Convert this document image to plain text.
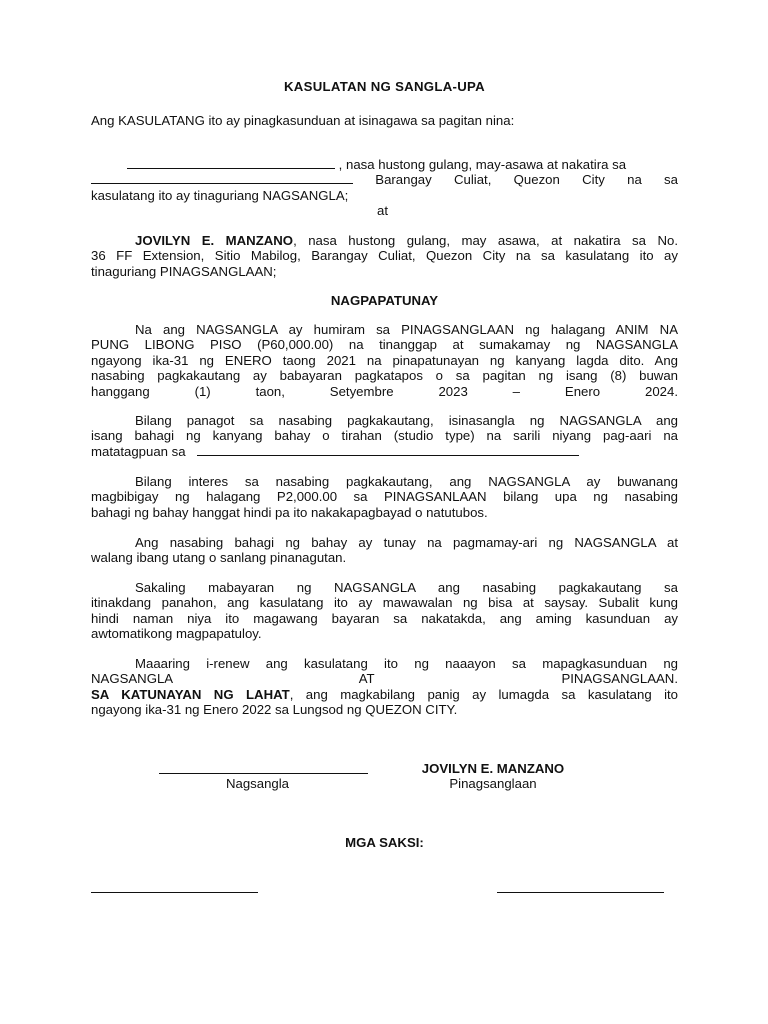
KASULATAN NG SANGLA-UPA
Ang KASULATANG ito ay pinagkasunduan at isinagawa sa pagitan nina:
, nasa hustong gulang, may-asawa at nakatira sa
Barangay Culiat, Quezon City na sa
kasulatang ito ay tinaguriang NAGSANGLA;
at
JOVILYN E. MANZANO, nasa hustong gulang, may asawa, at nakatira sa No.
36 FF Extension, Sitio Mabilog, Barangay Culiat, Quezon City na sa kasulatang ito ay
tinaguriang PINAGSANGLAAN;
NAGPAPATUNAY
Na ang NAGSANGLA ay humiram sa PINAGSANGLAAN ng halagang ANIM NA
PUNG LIBONG PISO (P60,000.00) na tinanggap at sumakamay ng NAGSANGLA
ngayong ika-31 ng ENERO taong 2021 na pinapatunayan ng kanyang lagda dito. Ang
nasabing pagkakautang ay babayaran pagkatapos o sa pagitan ng isang (8) buwan
hanggang (1) taon, Setyembre 2023 – Enero 2024.
Bilang panagot sa nasabing pagkakautang, isinasangla ng NAGSANGLA ang
isang bahagi ng kanyang bahay o tirahan (studio type) na sarili niyang pag-aari na
matatagpuan sa
Bilang interes sa nasabing pagkakautang, ang NAGSANGLA ay buwanang
magbibigay ng halagang P2,000.00 sa PINAGSANLAAN bilang upa ng nasabing
bahagi ng bahay hanggat hindi pa ito nakakapagbayad o natutubos.
Ang nasabing bahagi ng bahay ay tunay na pagmamay-ari ng NAGSANGLA at
walang ibang utang o sanlang pinanagutan.
Sakaling mabayaran ng NAGSANGLA ang nasabing pagkakautang sa
itinakdang panahon, ang kasulatang ito ay mawawalan ng bisa at saysay. Subalit kung
hindi naman niya ito magawang bayaran sa nakatakda, ang aming kasunduan ay
awtomatikong magpapatuloy.
Maaaring i-renew ang kasulatang ito ng naaayon sa mapagkasunduan ng
NAGSANGLA	AT	PINAGSANGLAAN.
SA KATUNAYAN NG LAHAT, ang magkabilang panig ay lumagda sa kasulatang ito
ngayong ika-31 ng Enero 2022 sa Lungsod ng QUEZON CITY.
Nagsangla
JOVILYN E. MANZANO
Pinagsanglaan
MGA SAKSI:
